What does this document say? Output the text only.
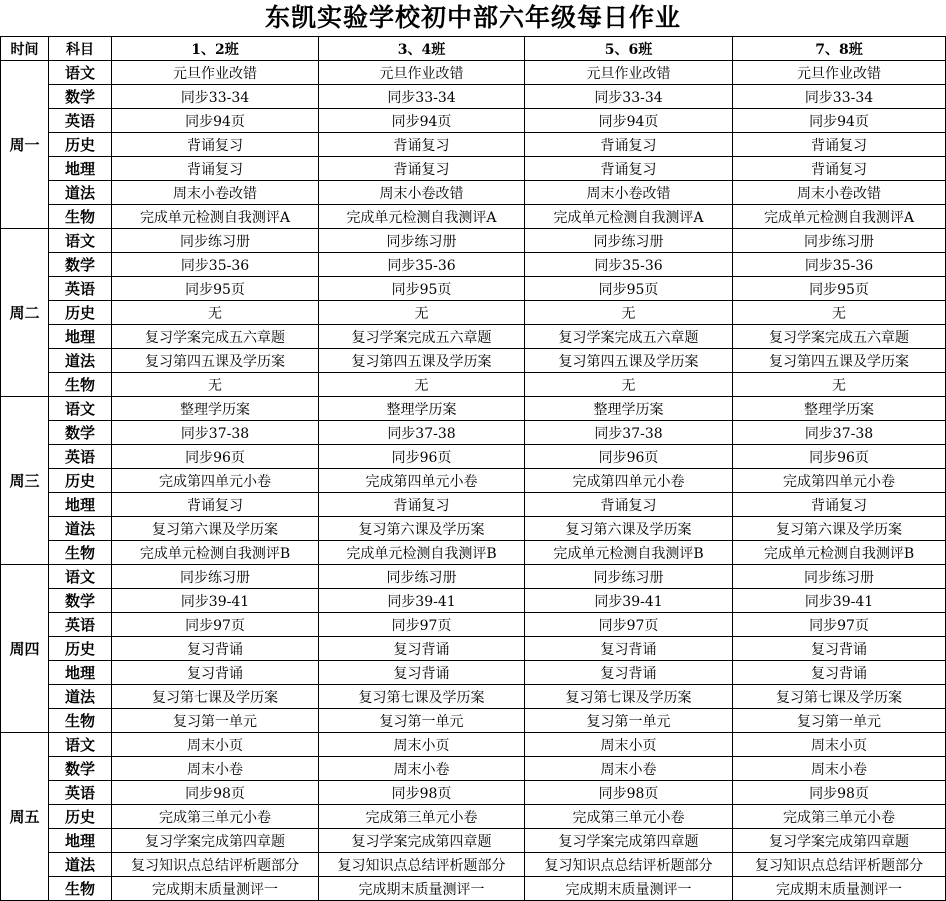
东凯实验学校初中部六年级每日作业
时间	科目	1、2班	3、4班	5、6班	7、8班
周一	语文	元旦作业改错	元旦作业改错	元旦作业改错	元旦作业改错
	数学	同步33-34	同步33-34	同步33-34	同步33-34
	英语	同步94页	同步94页	同步94页	同步94页
	历史	背诵复习	背诵复习	背诵复习	背诵复习
	地理	背诵复习	背诵复习	背诵复习	背诵复习
	道法	周末小卷改错	周末小卷改错	周末小卷改错	周末小卷改错
	生物	完成单元检测自我测评A	完成单元检测自我测评A	完成单元检测自我测评A	完成单元检测自我测评A
周二	语文	同步练习册	同步练习册	同步练习册	同步练习册
	数学	同步35-36	同步35-36	同步35-36	同步35-36
	英语	同步95页	同步95页	同步95页	同步95页
	历史	无	无	无	无
	地理	复习学案完成五六章题	复习学案完成五六章题	复习学案完成五六章题	复习学案完成五六章题
	道法	复习第四五课及学历案	复习第四五课及学历案	复习第四五课及学历案	复习第四五课及学历案
	生物	无	无	无	无
周三	语文	整理学历案	整理学历案	整理学历案	整理学历案
	数学	同步37-38	同步37-38	同步37-38	同步37-38
	英语	同步96页	同步96页	同步96页	同步96页
	历史	完成第四单元小卷	完成第四单元小卷	完成第四单元小卷	完成第四单元小卷
	地理	背诵复习	背诵复习	背诵复习	背诵复习
	道法	复习第六课及学历案	复习第六课及学历案	复习第六课及学历案	复习第六课及学历案
	生物	完成单元检测自我测评B	完成单元检测自我测评B	完成单元检测自我测评B	完成单元检测自我测评B
周四	语文	同步练习册	同步练习册	同步练习册	同步练习册
	数学	同步39-41	同步39-41	同步39-41	同步39-41
	英语	同步97页	同步97页	同步97页	同步97页
	历史	复习背诵	复习背诵	复习背诵	复习背诵
	地理	复习背诵	复习背诵	复习背诵	复习背诵
	道法	复习第七课及学历案	复习第七课及学历案	复习第七课及学历案	复习第七课及学历案
	生物	复习第一单元	复习第一单元	复习第一单元	复习第一单元
周五	语文	周末小页	周末小页	周末小页	周末小页
	数学	周末小卷	周末小卷	周末小卷	周末小卷
	英语	同步98页	同步98页	同步98页	同步98页
	历史	完成第三单元小卷	完成第三单元小卷	完成第三单元小卷	完成第三单元小卷
	地理	复习学案完成第四章题	复习学案完成第四章题	复习学案完成第四章题	复习学案完成第四章题
	道法	复习知识点总结评析题部分	复习知识点总结评析题部分	复习知识点总结评析题部分	复习知识点总结评析题部分
	生物	完成期末质量测评一	完成期末质量测评一	完成期末质量测评一	完成期末质量测评一
